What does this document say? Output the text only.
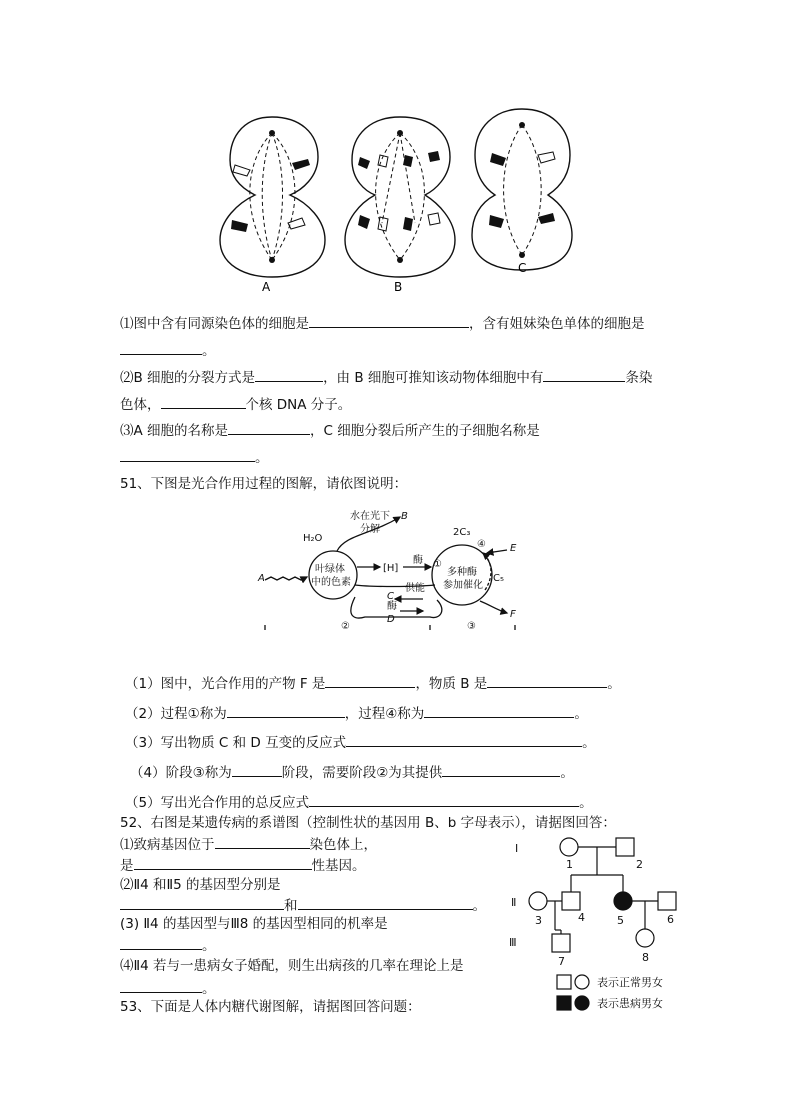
A	B
C
⑴图中含有同源染色体的细胞是	，含有姐妹染色单体的细胞是
。
⑵B 细胞的分裂方式是	，由 B 细胞可推知该动物体细胞中有	条染
色体，	个核 DNA 分子。
⑶A 细胞的名称是	，C 细胞分裂后所产生的子细胞名称是
。
51、下图是光合作用过程的图解，请依图说明：
H₂O
水在光下
分解
B
A
叶绿体
中的色素
[H]
酶
供能
C
酶
D
2C₃
④ E
①
多种酶
参加催化
C₅
F
②	③
（1）图中，光合作用的产物 F 是	，物质 B 是	。
（2）过程①称为	，过程④称为	。
（3）写出物质 C 和 D 互变的反应式	。
（4）阶段③称为	阶段，需要阶段②为其提供	。
（5）写出光合作用的总反应式	。
52、右图是某遗传病的系谱图（控制性状的基因用 B、b 字母表示），请据图回答：
⑴致病基因位于	染色体上，
是	性基因。
⑵Ⅱ4 和Ⅱ5 的基因型分别是
和	。
(3) Ⅱ4 的基因型与Ⅲ8 的基因型相同的机率是
。
⑷Ⅱ4 若与一患病女子婚配，则生出病孩的几率在理论上是
。
Ⅰ
Ⅱ
Ⅲ
1	2
3	4	5	6
7	8
表示正常男女
表示患病男女
53、下面是人体内糖代谢图解，请据图回答问题：
